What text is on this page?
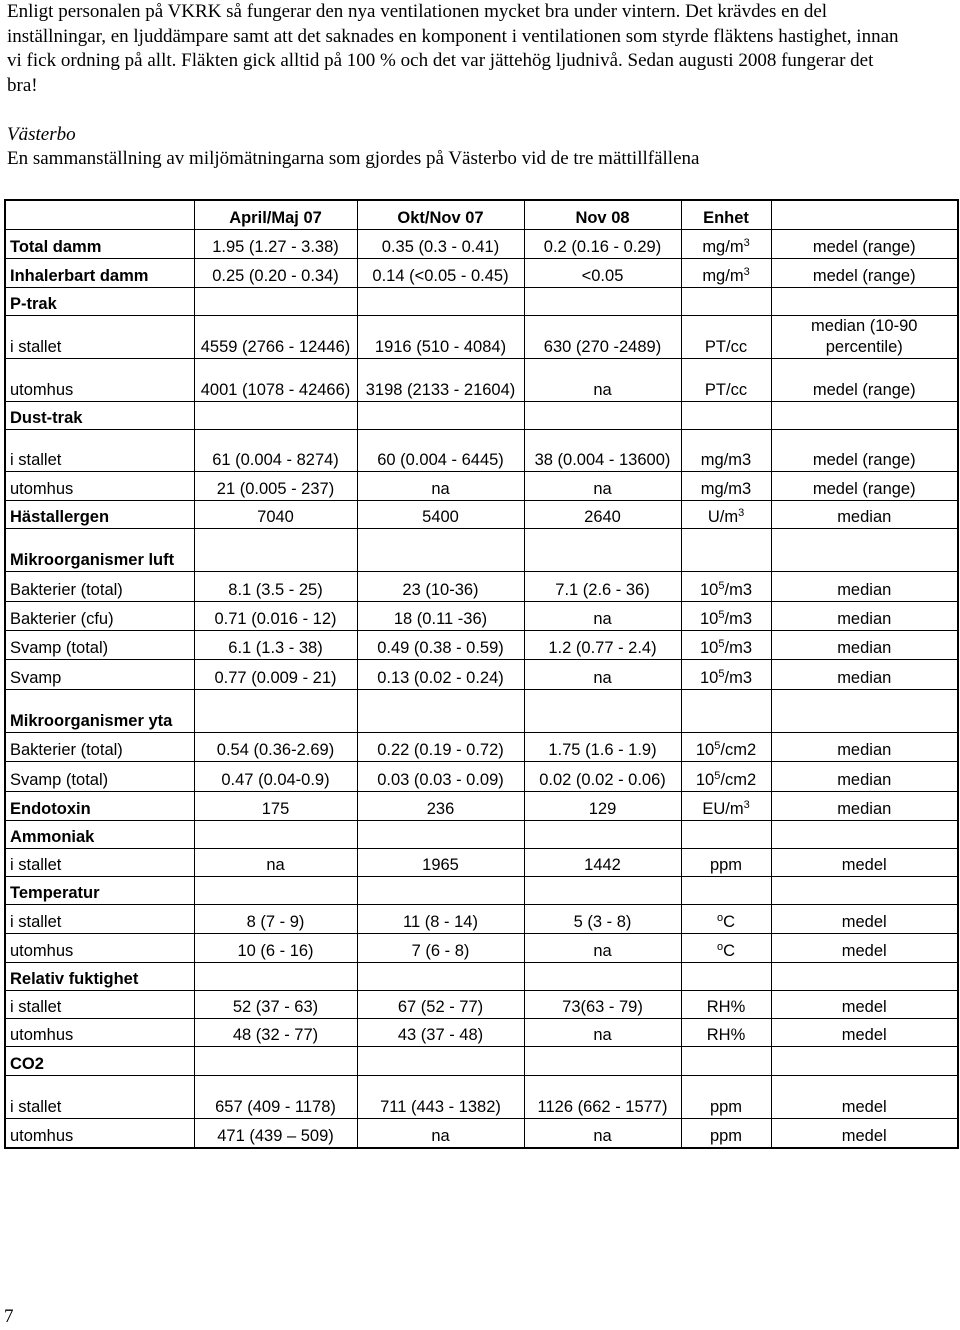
Enligt personalen på VKRK så fungerar den nya ventilationen mycket bra under vintern. Det krävdes en del inställningar, en ljuddämpare samt att det saknades en komponent i ventilationen som styrde fläktens hastighet, innan vi fick ordning på allt. Fläkten gick alltid på 100 % och det var jättehög ljudnivå. Sedan augusti 2008 fungerar det bra!

Västerbo

En sammanställning av miljömätningarna som gjordes på Västerbo vid de tre mättillfällena

	April/Maj 07	Okt/Nov 07	Nov 08	Enhet	
Total damm	1.95 (1.27 - 3.38)	0.35 (0.3 - 0.41)	0.2 (0.16 - 0.29)	$mg/m^3$	medel (range)
Inhalerbart damm	0.25 (0.20 - 0.34)	0.14 (<0.05 - 0.45)	<0.05	$mg/m^3$	medel (range)
P-trak					
i stallet	4559 (2766 - 12446)	1916 (510 - 4084)	630 (270 -2489)	PT/cc	median (10-90 percentile)
utomhus	4001 (1078 - 42466)	3198 (2133 - 21604)	na	PT/cc	medel (range)
Dust-trak					
i stallet	61 (0.004 - 8274)	60 (0.004 - 6445)	38 (0.004 - 13600)	mg/m3	medel (range)
utomhus	21 (0.005 - 237)	na	na	mg/m3	medel (range)
Hästallergen	7040	5400	2640	$U/m^3$	median
Mikroorganismer luft					
Bakterier (total)	8.1 (3.5 - 25)	23 (10-36)	7.1 (2.6 - 36)	$10^5/m3$	median
Bakterier (cfu)	0.71 (0.016 - 12)	18 (0.11 -36)	na	$10^5/m3$	median
Svamp (total)	6.1 (1.3 - 38)	0.49 (0.38 - 0.59)	1.2 (0.77 - 2.4)	$10^5/m3$	median
Svamp	0.77 (0.009 - 21)	0.13 (0.02 - 0.24)	na	$10^5/m3$	median
Mikroorganismer yta					
Bakterier (total)	0.54 (0.36-2.69)	0.22 (0.19 - 0.72)	1.75 (1.6 - 1.9)	$10^5/cm2$	median
Svamp (total)	0.47 (0.04-0.9)	0.03 (0.03 - 0.09)	0.02 (0.02 - 0.06)	$10^5/cm2$	median
Endotoxin	175	236	129	$EU/m^3$	median
Ammoniak					
i stallet	na	1965	1442	ppm	medel
Temperatur					
i stallet	8 (7 - 9)	11 (8 - 14)	5 (3 - 8)	$^o$C	medel
utomhus	10 (6 - 16)	7 (6 - 8)	na	$^o$C	medel
Relativ fuktighet					
i stallet	52 (37 - 63)	67 (52 - 77)	73(63 - 79)	RH%	medel
utomhus	48 (32 - 77)	43 (37 - 48)	na	RH%	medel
CO2					
i stallet	657 (409 - 1178)	711 (443 - 1382)	1126 (662 - 1577)	ppm	medel
utomhus	471 (439 – 509)	na	na	ppm	medel

7
